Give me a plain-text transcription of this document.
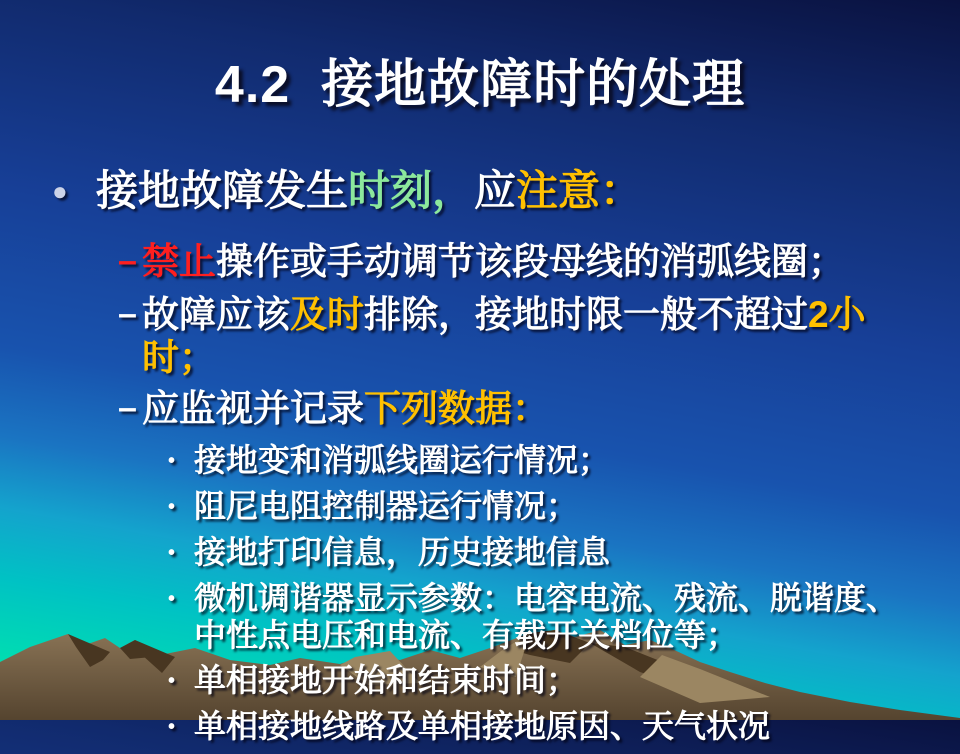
4.2  接地故障时的处理
● 接地故障发生时刻，应注意：
– 禁止操作或手动调节该段母线的消弧线圈；
– 故障应该及时排除，接地时限一般不超过2小
时；
– 应监视并记录下列数据：
• 接地变和消弧线圈运行情况；
• 阻尼电阻控制器运行情况；
• 接地打印信息，历史接地信息
• 微机调谐器显示参数：电容电流、残流、脱谐度、
中性点电压和电流、有载开关档位等；
• 单相接地开始和结束时间；
• 单相接地线路及单相接地原因、天气状况
